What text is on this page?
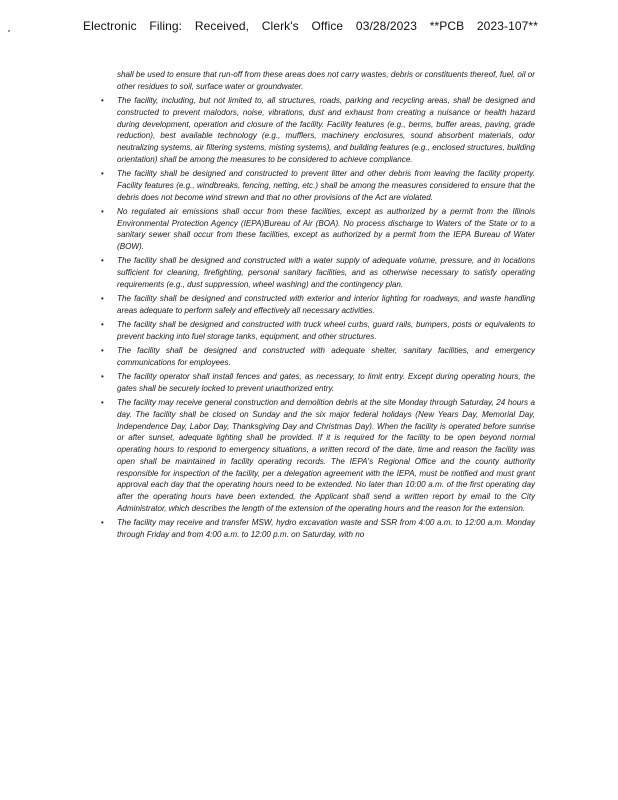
Electronic Filing: Received, Clerk's Office 03/28/2023 **PCB 2023-107**

shall be used to ensure that run-off from these areas does not carry wastes, debris or constituents thereof, fuel, oil or other residues to soil, surface water or groundwater.

• The facility, including, but not limited to, all structures, roads, parking and recycling areas, shall be designed and constructed to prevent malodors, noise, vibrations, dust and exhaust from creating a nuisance or health hazard during development, operation and closure of the facility. Facility features (e.g., berms, buffer areas, paving, grade reduction), best available technology (e.g., mufflers, machinery enclosures, sound absorbent materials, odor neutralizing systems, air filtering systems, misting systems), and building features (e.g., enclosed structures, building orientation) shall be among the measures to be considered to achieve compliance.
• The facility shall be designed and constructed to prevent litter and other debris from leaving the facility property. Facility features (e.g., windbreaks, fencing, netting, etc.) shall be among the measures considered to ensure that the debris does not become wind strewn and that no other provisions of the Act are violated.
• No regulated air emissions shall occur from these facilities, except as authorized by a permit from the Illinois Environmental Protection Agency (IEPA)Bureau of Air (BOA). No process discharge to Waters of the State or to a sanitary sewer shall occur from these facilities, except as authorized by a permit from the IEPA Bureau of Water (BOW).
• The facility shall be designed and constructed with a water supply of adequate volume, pressure, and in locations sufficient for cleaning, firefighting, personal sanitary facilities, and as otherwise necessary to satisfy operating requirements (e.g., dust suppression, wheel washing) and the contingency plan.
• The facility shall be designed and constructed with exterior and interior lighting for roadways, and waste handling areas adequate to perform safely and effectively all necessary activities.
• The facility shall be designed and constructed with truck wheel curbs, guard rails, bumpers, posts or equivalents to prevent backing into fuel storage tanks, equipment, and other structures.
• The facility shall be designed and constructed with adequate shelter, sanitary facilities, and emergency communications for employees.
• The facility operator shall install fences and gates, as necessary, to limit entry. Except during operating hours, the gates shall be securely locked to prevent unauthorized entry.
• The facility may receive general construction and demolition debris at the site Monday through Saturday, 24 hours a day. The facility shall be closed on Sunday and the six major federal holidays (New Years Day, Memorial Day, Independence Day, Labor Day, Thanksgiving Day and Christmas Day). When the facility is operated before sunrise or after sunset, adequate lighting shall be provided. If it is required for the facility to be open beyond normal operating hours to respond to emergency situations, a written record of the date, time and reason the facility was open shall be maintained in facility operating records. The IEPA's Regional Office and the county authority responsible for inspection of the facility, per a delegation agreement with the IEPA, must be notified and must grant approval each day that the operating hours need to be extended. No later than 10:00 a.m. of the first operating day after the operating hours have been extended, the Applicant shall send a written report by email to the City Administrator, which describes the length of the extension of the operating hours and the reason for the extension.
• The facility may receive and transfer MSW, hydro excavation waste and SSR from 4:00 a.m. to 12:00 a.m. Monday through Friday and from 4:00 a.m. to 12:00 p.m. on Saturday, with no
